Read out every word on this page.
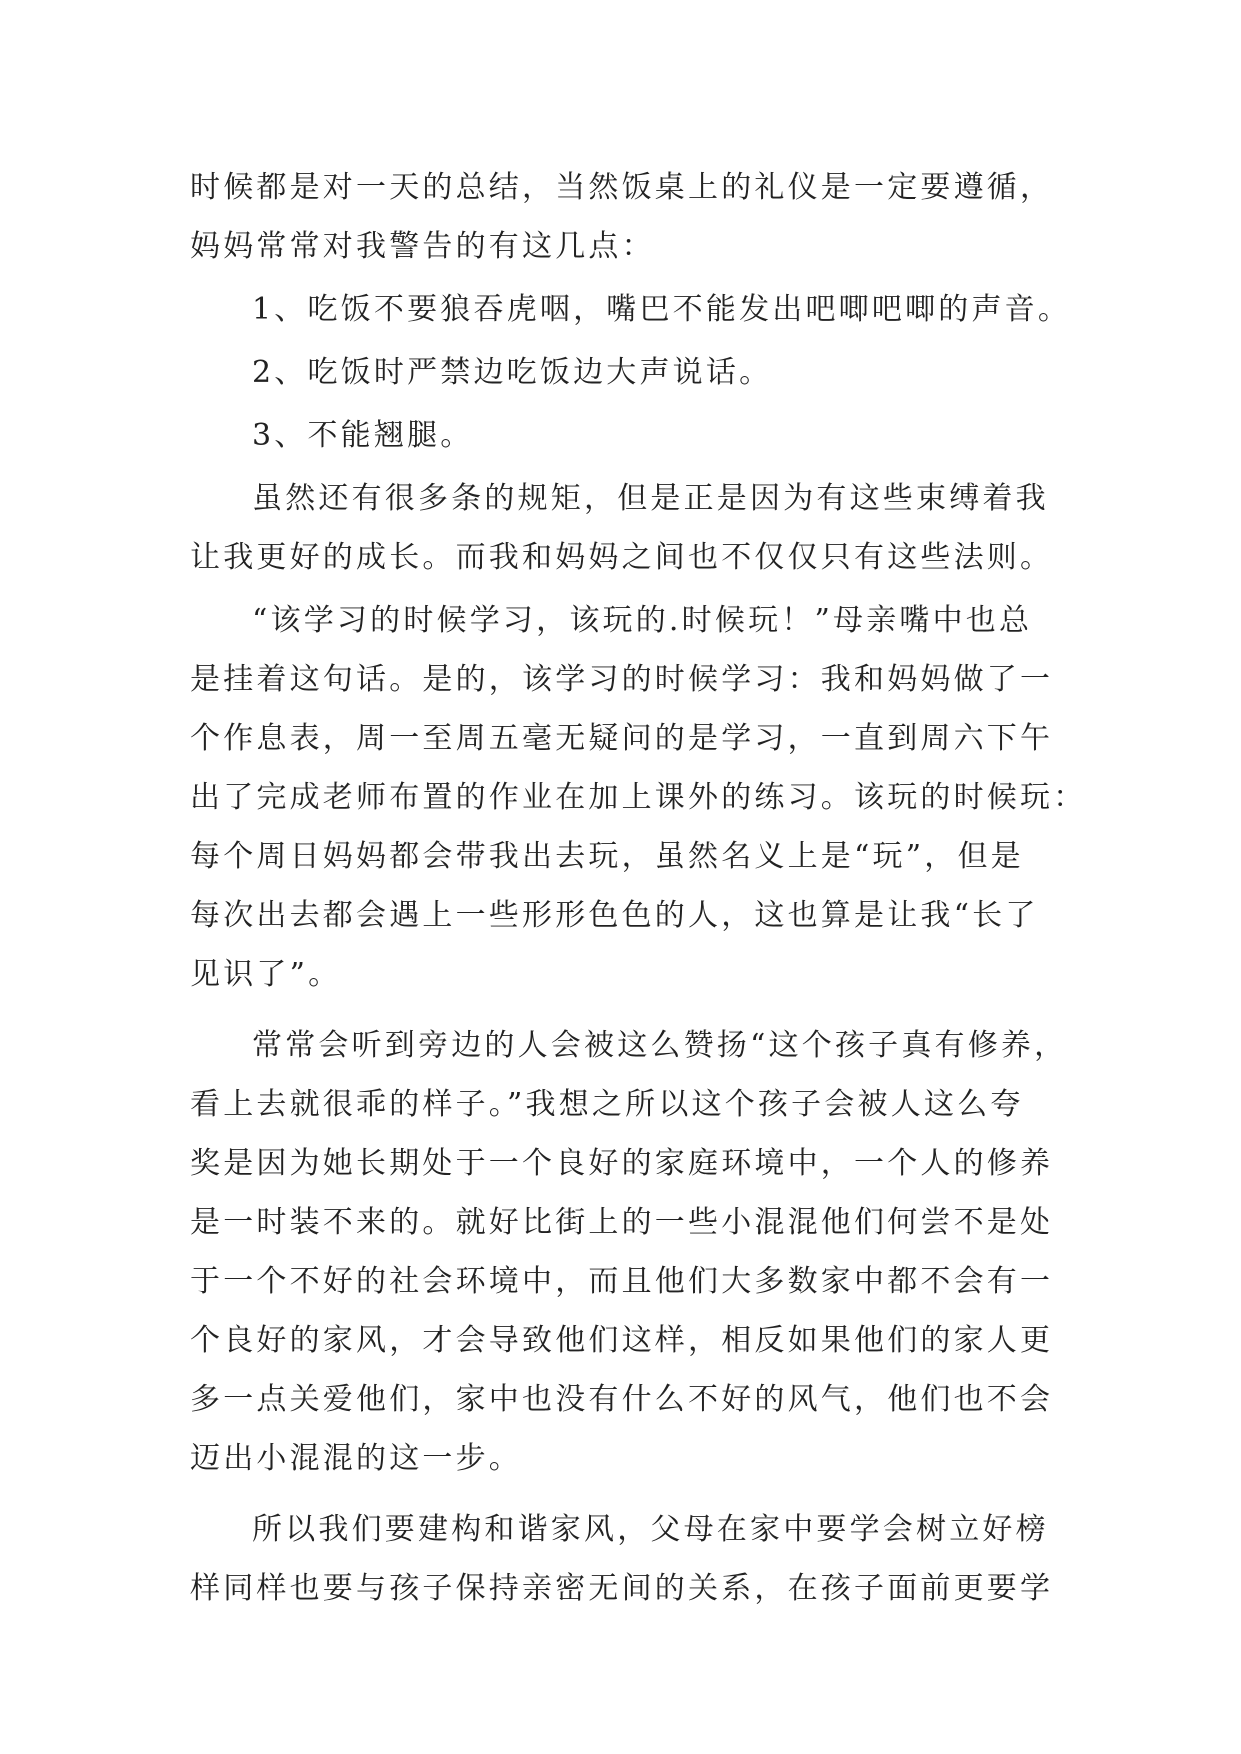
时候都是对一天的总结，当然饭桌上的礼仪是一定要遵循，
妈妈常常对我警告的有这几点：
1、吃饭不要狼吞虎咽，嘴巴不能发出吧唧吧唧的声音。
2、吃饭时严禁边吃饭边大声说话。
3、不能翘腿。
虽然还有很多条的规矩，但是正是因为有这些束缚着我
让我更好的成长。而我和妈妈之间也不仅仅只有这些法则。
“该学习的时候学习，该玩的.时候玩！”母亲嘴中也总
是挂着这句话。是的，该学习的时候学习：我和妈妈做了一
个作息表，周一至周五毫无疑问的是学习，一直到周六下午
出了完成老师布置的作业在加上课外的练习。该玩的时候玩：
每个周日妈妈都会带我出去玩，虽然名义上是“玩”，但是
每次出去都会遇上一些形形色色的人，这也算是让我“长了
见识了”。
常常会听到旁边的人会被这么赞扬“这个孩子真有修养，
看上去就很乖的样子。”我想之所以这个孩子会被人这么夸
奖是因为她长期处于一个良好的家庭环境中，一个人的修养
是一时装不来的。就好比街上的一些小混混他们何尝不是处
于一个不好的社会环境中，而且他们大多数家中都不会有一
个良好的家风，才会导致他们这样，相反如果他们的家人更
多一点关爱他们，家中也没有什么不好的风气，他们也不会
迈出小混混的这一步。
所以我们要建构和谐家风，父母在家中要学会树立好榜
样同样也要与孩子保持亲密无间的关系，在孩子面前更要学
